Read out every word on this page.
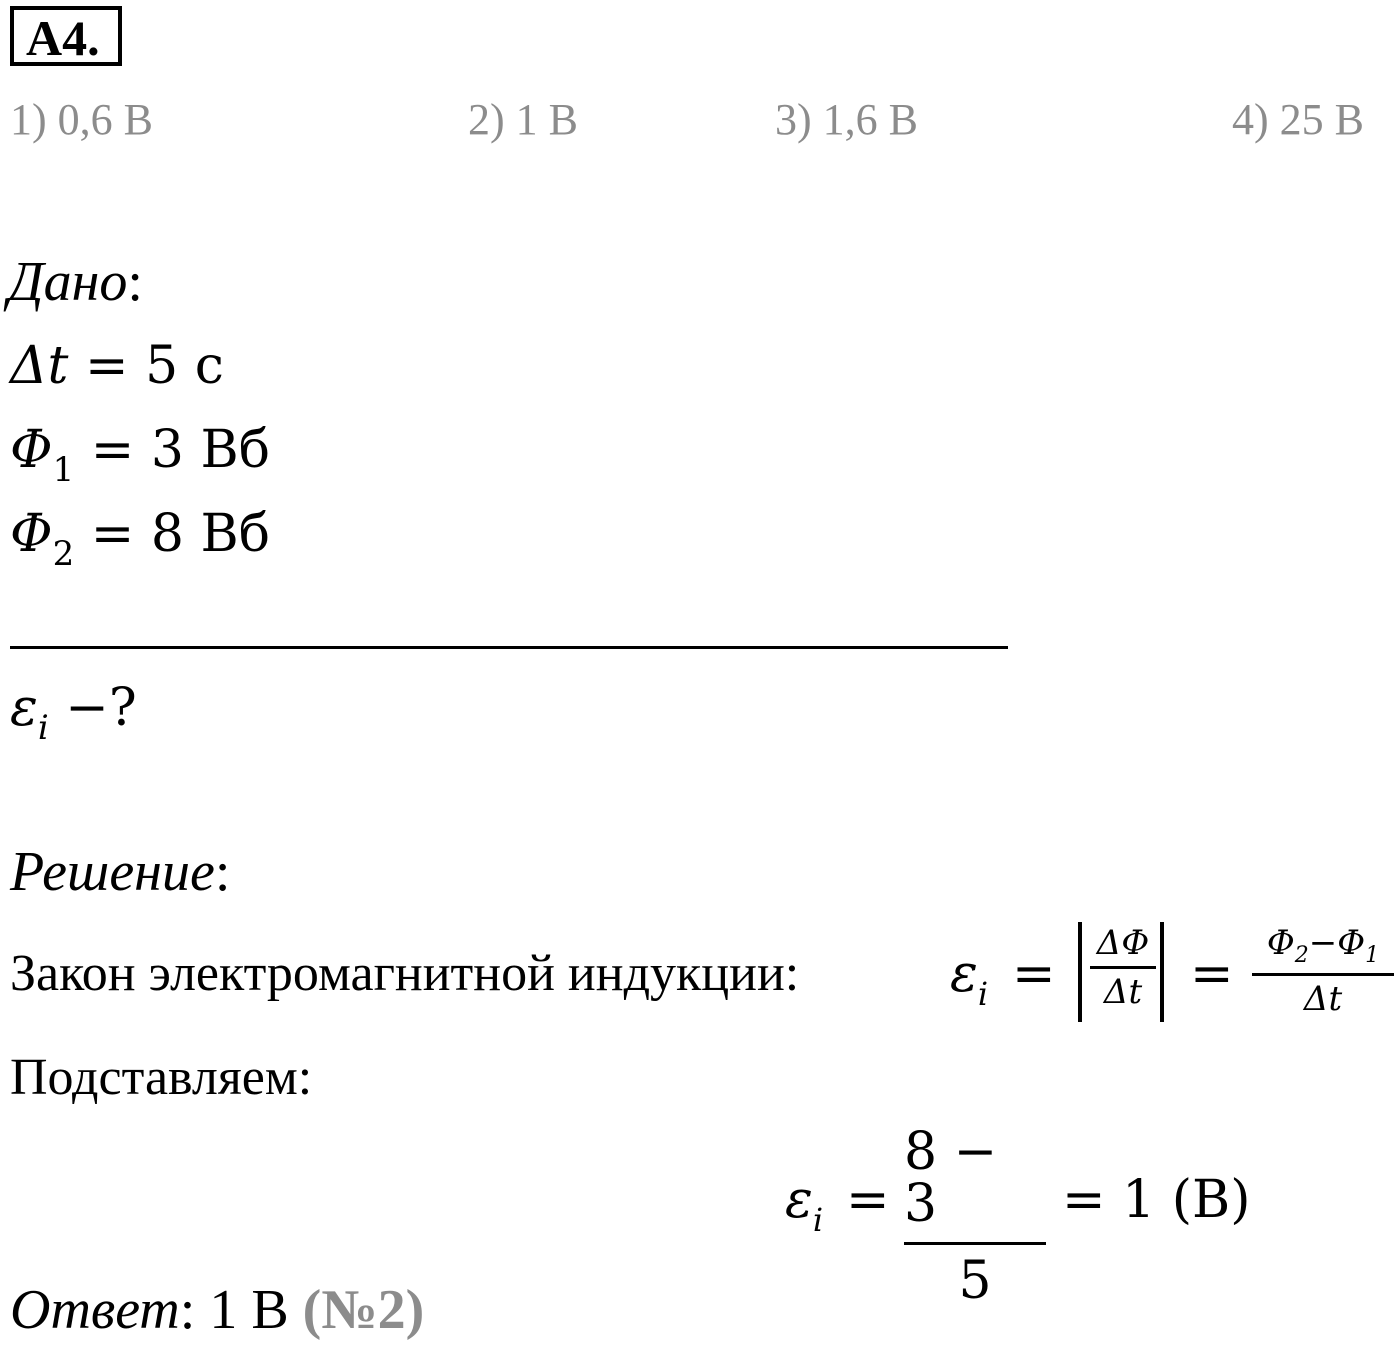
A4.
1) 0,6 В	2) 1 В	3) 1,6 В	4) 25 В
Дано:
Δt = 5 с
$\Phi_1 = 3$ Вб
$\Phi_2 = 8$ Вб
$\varepsilon_i$ −?
Решение:
Закон электромагнитной индукции:	$\varepsilon_i$ =
ΔΦ
Δt =
$\Phi_2-\Phi_1$
Δt
Подставляем:
$\varepsilon_i$ =
8 − 3
5
= 1 (В)
Ответ: 1 В (№2)
